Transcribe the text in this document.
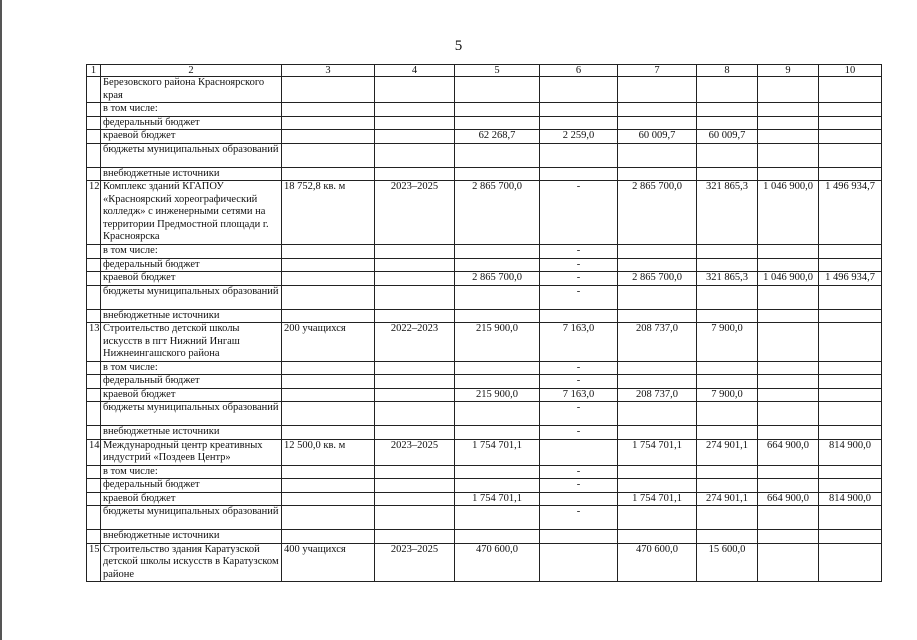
5
1	2	3	4	5	6	7	8	9	10
	Березовского района Красноярского края								
	в том числе:								
	федеральный бюджет								
	краевой бюджет			62 268,7	2 259,0	60 009,7	60 009,7		
	бюджеты муниципальных образований								
	внебюджетные источники								
12	Комплекс зданий КГАПОУ «Красноярский хореографический колледж» с инженерными сетями на территории Предмостной площади г. Красноярска	18 752,8 кв. м	2023–2025	2 865 700,0	-	2 865 700,0	321 865,3	1 046 900,0	1 496 934,7
	в том числе:				-				
	федеральный бюджет				-				
	краевой бюджет			2 865 700,0	-	2 865 700,0	321 865,3	1 046 900,0	1 496 934,7
	бюджеты муниципальных образований				-				
	внебюджетные источники								
13	Строительство детской школы искусств в пгт Нижний Ингаш Нижнеингашского района	200 учащихся	2022–2023	215 900,0	7 163,0	208 737,0	7 900,0		
	в том числе:				-				
	федеральный бюджет				-				
	краевой бюджет			215 900,0	7 163,0	208 737,0	7 900,0		
	бюджеты муниципальных образований				-				
	внебюджетные источники				-				
14	Международный центр креативных индустрий «Поздеев Центр»	12 500,0 кв. м	2023–2025	1 754 701,1		1 754 701,1	274 901,1	664 900,0	814 900,0
	в том числе:				-				
	федеральный бюджет				-				
	краевой бюджет			1 754 701,1		1 754 701,1	274 901,1	664 900,0	814 900,0
	бюджеты муниципальных образований				-				
	внебюджетные источники								
15	Строительство здания Каратузской детской школы искусств в Каратузском районе	400 учащихся	2023–2025	470 600,0		470 600,0	15 600,0		
